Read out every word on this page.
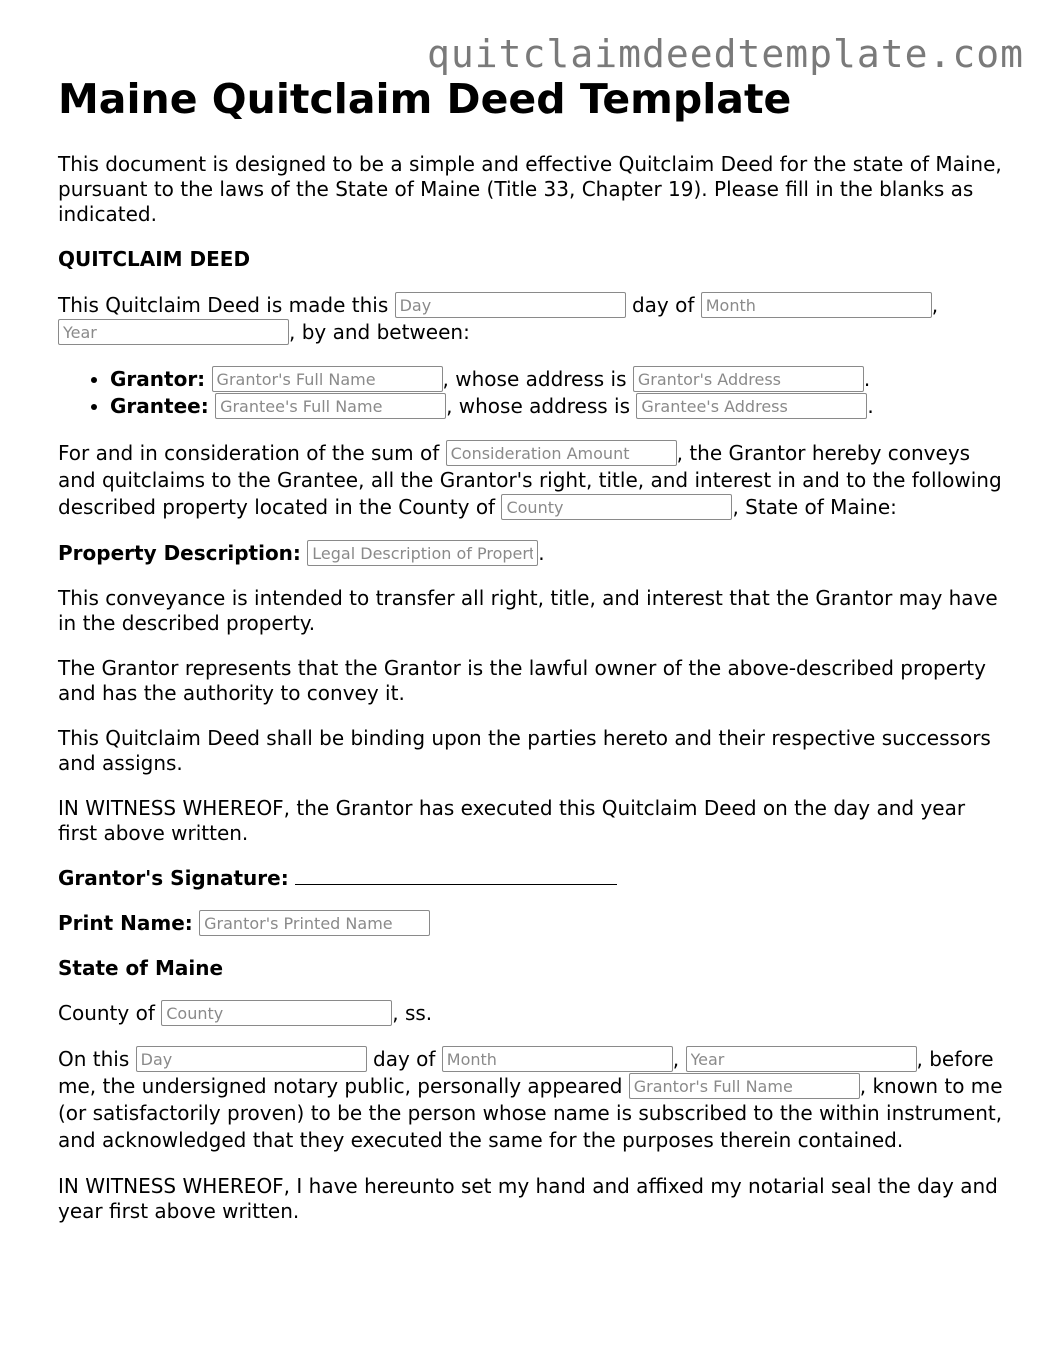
quitclaimdeedtemplate.com
Maine Quitclaim Deed Template

This document is designed to be a simple and effective Quitclaim Deed for the state of Maine, pursuant to the laws of the State of Maine (Title 33, Chapter 19). Please fill in the blanks as indicated.

QUITCLAIM DEED

This Quitclaim Deed is made this Day	day of Month	,
Year, by and between:

• Grantor: Grantor's Full Name	, whose address is Grantor's Address	.
• Grantee: Grantee's Full Name	, whose address is Grantee's Address	.

For and in consideration of the sum of Consideration Amount	, the Grantor hereby conveys and quitclaims to the Grantee, all the Grantor's right, title, and interest in and to the following described property located in the County of County	, State of Maine:

Property Description: Legal Description of Property	.

This conveyance is intended to transfer all right, title, and interest that the Grantor may have in the described property.

The Grantor represents that the Grantor is the lawful owner of the above-described property and has the authority to convey it.

This Quitclaim Deed shall be binding upon the parties hereto and their respective successors and assigns.

IN WITNESS WHEREOF, the Grantor has executed this Quitclaim Deed on the day and year first above written.

Grantor's Signature:

Print Name: Grantor's Printed Name

State of Maine

County of County	, ss.

On this Day	day of Month	, Year	, before me, the undersigned notary public, personally appeared Grantor's Full Name	, known to me (or satisfactorily proven) to be the person whose name is subscribed to the within instrument, and acknowledged that they executed the same for the purposes therein contained.

IN WITNESS WHEREOF, I have hereunto set my hand and affixed my notarial seal the day and year first above written.
